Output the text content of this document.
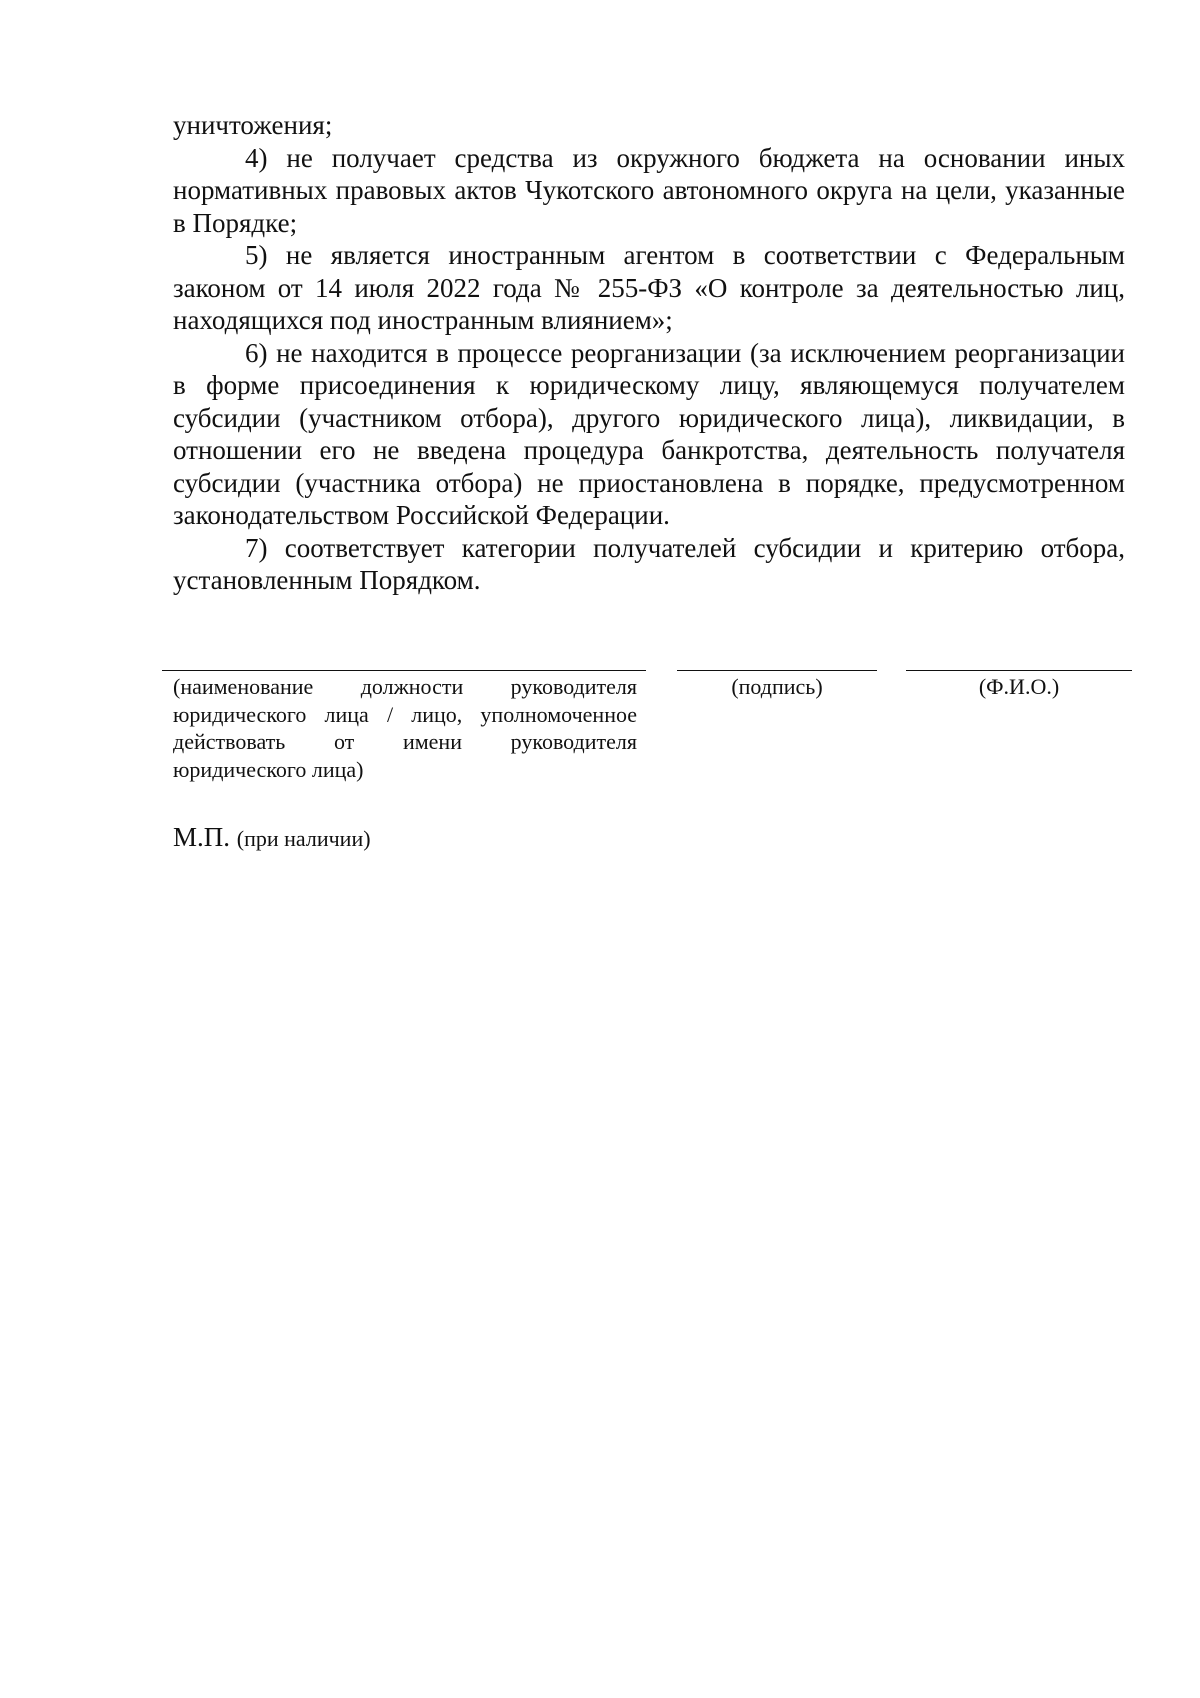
уничтожения;

4) не получает средства из окружного бюджета на основании иных нормативных правовых актов Чукотского автономного округа на цели, указанные в Порядке;

5) не является иностранным агентом в соответствии с Федеральным законом от 14 июля 2022 года № 255-ФЗ «О контроле за деятельностью лиц, находящихся под иностранным влиянием»;

6) не находится в процессе реорганизации (за исключением реорганизации в форме присоединения к юридическому лицу, являющемуся получателем субсидии (участником отбора), другого юридического лица), ликвидации, в отношении его не введена процедура банкротства, деятельность получателя субсидии (участника отбора) не приостановлена в порядке, предусмотренном законодательством Российской Федерации.

7) соответствует категории получателей субсидии и критерию отбора, установленным Порядком.

(наименование должности руководителя юридического лица / лицо, уполномоченное действовать от имени руководителя юридического лица)
(подпись)	(Ф.И.О.)
М.П. (при наличии)
